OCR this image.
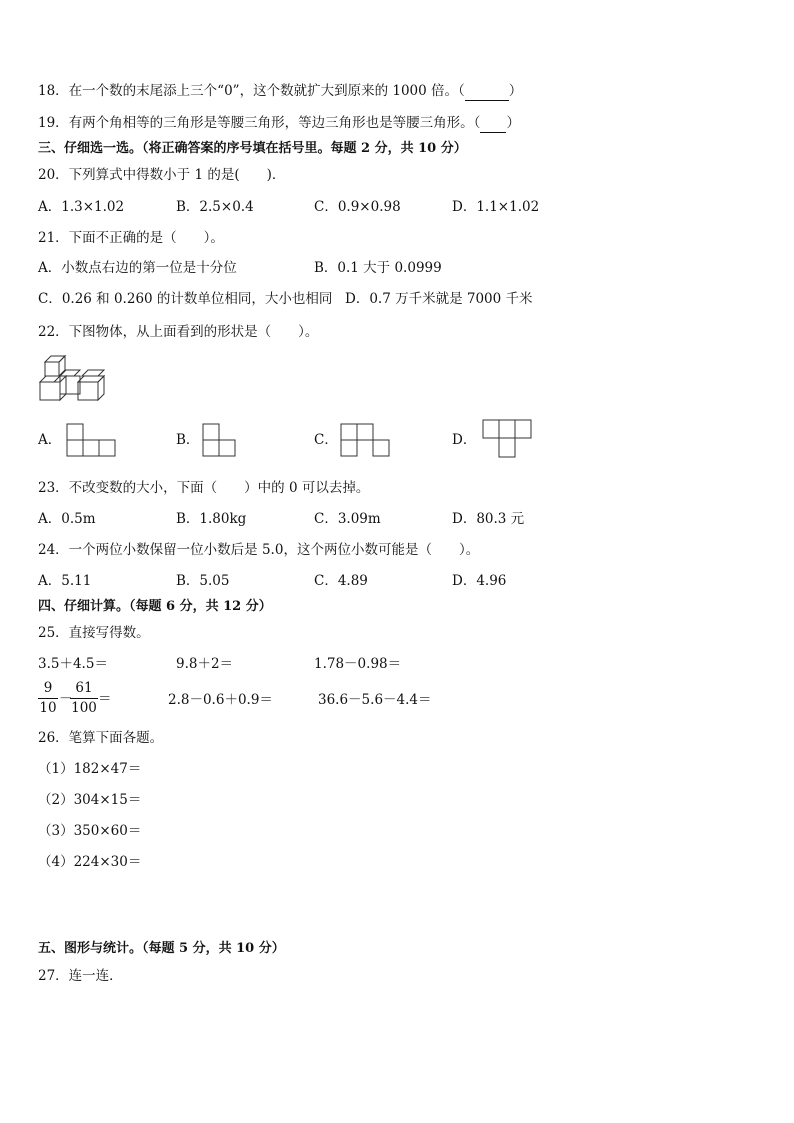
18．在一个数的末尾添上三个“0”，这个数就扩大到原来的 1000 倍。（	）
19．有两个角相等的三角形是等腰三角形，等边三角形也是等腰三角形。（ ）
三、仔细选一选。（将正确答案的序号填在括号里。每题 2 分，共 10 分）
20．下列算式中得数小于 1 的是(　　)．
A．1.3×1.02	B．2.5×0.4	C．0.9×0.98	D．1.1×1.02
21．下面不正确的是（　　）。
A．小数点右边的第一位是十分位	B．0.1 大于 0.0999
C．0.26 和 0.260 的计数单位相同，大小也相同 D．0.7 万千米就是 7000 千米
22．下图物体，从上面看到的形状是（　　）。
A．	B．	C．	D．
23．不改变数的大小，下面（　　）中的 0 可以去掉。
A．0.5m	B．1.80kg	C．3.09m	D．80.3 元
24．一个两位小数保留一位小数后是 5.0，这个两位小数可能是（　　）。
A．5.11	B．5.05	C．4.89	D．4.96
四、仔细计算。（每题 6 分，共 12 分）
25．直接写得数。
3.5＋4.5＝	9.8＋2＝	1.78－0.98＝
9
10
－
61
100
＝	2.8－0.6＋0.9＝	36.6－5.6－4.4＝
26．笔算下面各题。
（1）182×47＝
（2）304×15＝
（3）350×60＝
（4）224×30＝
五、图形与统计。（每题 5 分，共 10 分）
27．连一连．
